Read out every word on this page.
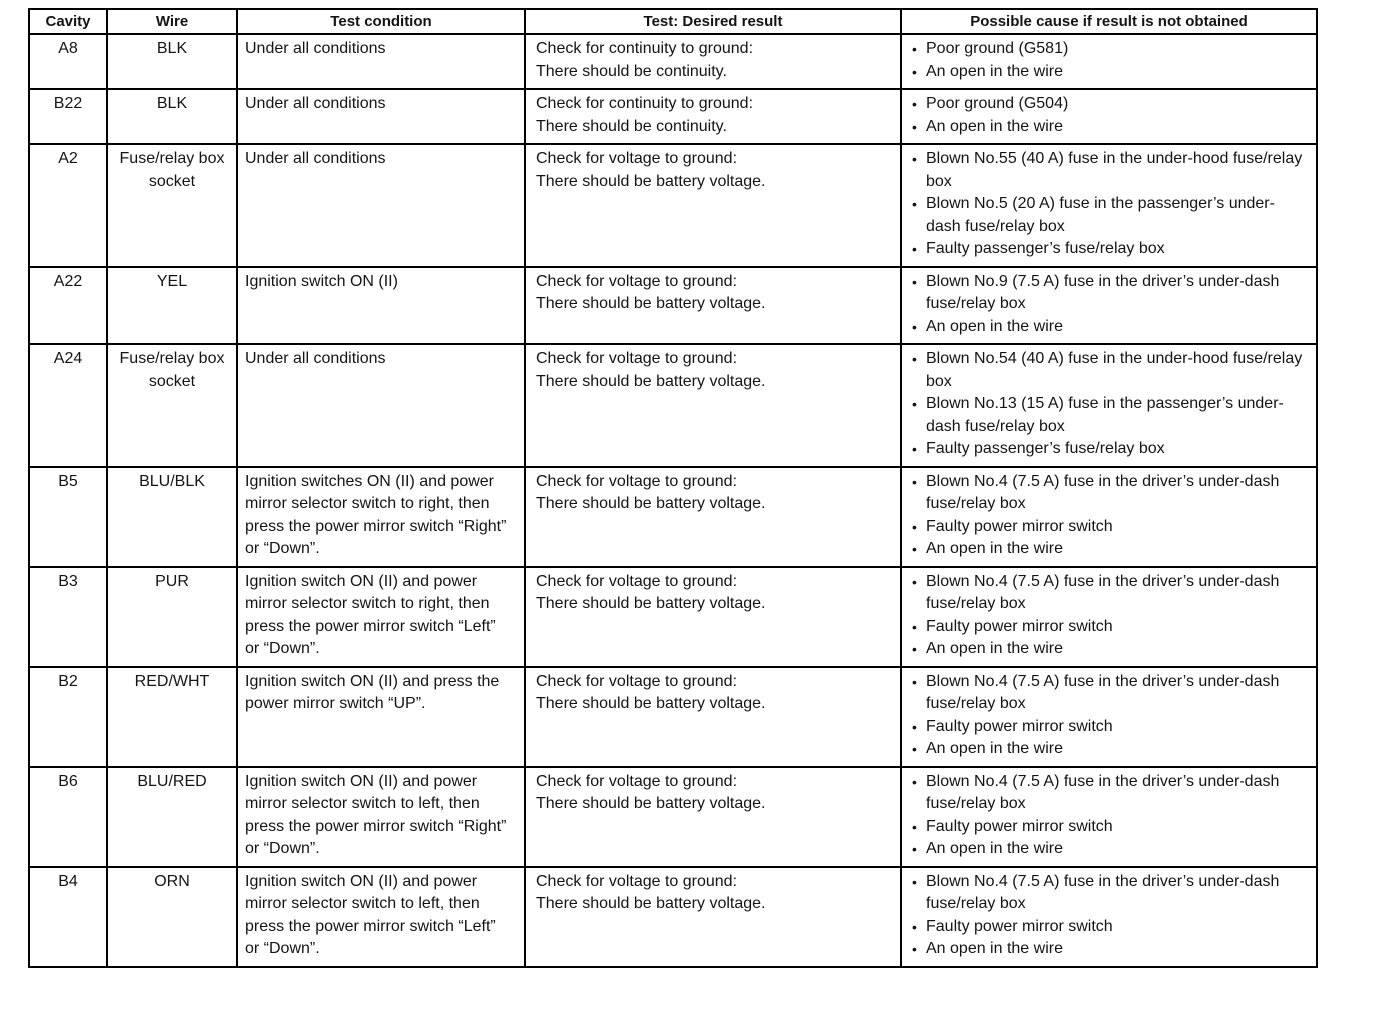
Cavity	Wire	Test condition	Test: Desired result	Possible cause if result is not obtained
A8	BLK	Under all conditions	Check for continuity to ground:
There should be continuity.

• Poor ground (G581)
• An open in the wire

B22	BLK	Under all conditions	Check for continuity to ground:
There should be continuity.

• Poor ground (G504)
• An open in the wire

A2	Fuse/relay box socket	Under all conditions	Check for voltage to ground:
There should be battery voltage.

• Blown No.55 (40 A) fuse in the under-hood fuse/relay box
• Blown No.5 (20 A) fuse in the passenger’s under-dash fuse/relay box
• Faulty passenger’s fuse/relay box

A22	YEL	Ignition switch ON (II)	Check for voltage to ground:
There should be battery voltage.

• Blown No.9 (7.5 A) fuse in the driver’s under-dash fuse/relay box
• An open in the wire

A24	Fuse/relay box socket	Under all conditions	Check for voltage to ground:
There should be battery voltage.

• Blown No.54 (40 A) fuse in the under-hood fuse/relay box
• Blown No.13 (15 A) fuse in the passenger’s under-dash fuse/relay box
• Faulty passenger’s fuse/relay box

B5	BLU/BLK	Ignition switches ON (II) and power mirror selector switch to right, then press the power mirror switch “Right” or “Down”.	
Check for voltage to ground:
There should be battery voltage.

• Blown No.4 (7.5 A) fuse in the driver’s under-dash fuse/relay box
• Faulty power mirror switch
• An open in the wire

B3	PUR	Ignition switch ON (II) and power mirror selector switch to right, then press the power mirror switch “Left” or “Down”.	
Check for voltage to ground:
There should be battery voltage.

• Blown No.4 (7.5 A) fuse in the driver’s under-dash fuse/relay box
• Faulty power mirror switch
• An open in the wire

B2	RED/WHT	Ignition switch ON (II) and press the power mirror switch “UP”.	
Check for voltage to ground:
There should be battery voltage.

• Blown No.4 (7.5 A) fuse in the driver’s under-dash fuse/relay box
• Faulty power mirror switch
• An open in the wire

B6	BLU/RED	Ignition switch ON (II) and power mirror selector switch to left, then press the power mirror switch “Right” or “Down”.	
Check for voltage to ground:
There should be battery voltage.

• Blown No.4 (7.5 A) fuse in the driver’s under-dash fuse/relay box
• Faulty power mirror switch
• An open in the wire

B4	ORN	Ignition switch ON (II) and power mirror selector switch to left, then press the power mirror switch “Left” or “Down”.	
Check for voltage to ground:
There should be battery voltage.

• Blown No.4 (7.5 A) fuse in the driver’s under-dash fuse/relay box
• Faulty power mirror switch
• An open in the wire
